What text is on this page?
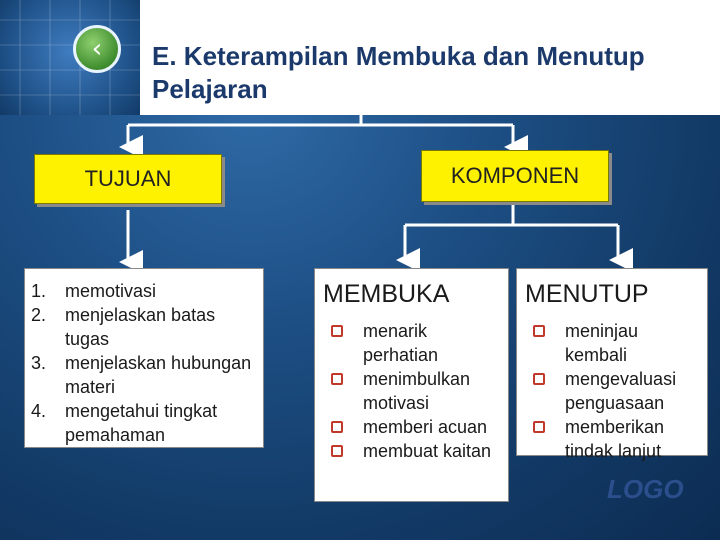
‹	E. Keterampilan Membuka dan Menutup Pelajaran
TUJUAN	KOMPONEN
1. memotivasi
2. menjelaskan batas tugas
3. menjelaskan hubungan materi
4. mengetahui tingkat pemahaman
MEMBUKA
menarik perhatian
menimbulkan motivasi
memberi acuan
membuat kaitan
MENUTUP
meninjau kembali
mengevaluasi penguasaan
memberikan tindak lanjut
LOGO
